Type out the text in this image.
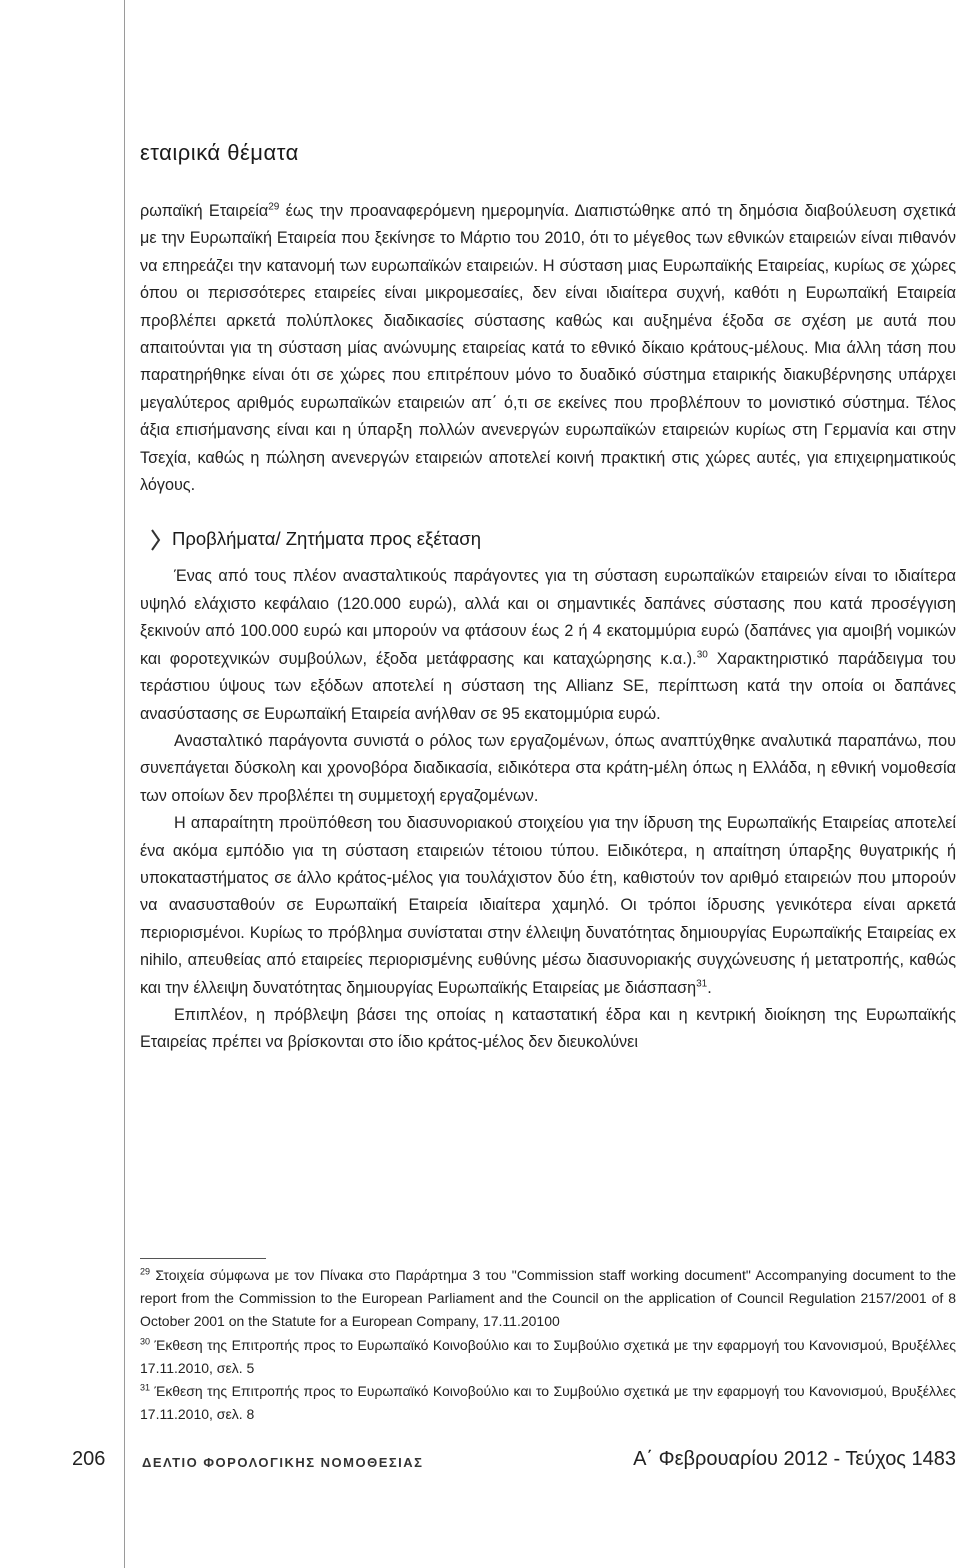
εταιρικά θέματα

ρωπαϊκή Εταιρεία$^{29}$ έως την προαναφερόμενη ημερομηνία. Διαπιστώθηκε από τη δημόσια διαβούλευση σχετικά με την Ευρωπαϊκή Εταιρεία που ξεκίνησε το Μάρτιο του 2010, ότι το μέγεθος των εθνικών εταιρειών είναι πιθανόν να επηρεάζει την κατανομή των ευρωπαϊκών εταιρειών. Η σύσταση μιας Ευρωπαϊκής Εταιρείας, κυρίως σε χώρες όπου οι περισσότερες εταιρείες είναι μικρομεσαίες, δεν είναι ιδιαίτερα συχνή, καθότι η Ευρωπαϊκή Εταιρεία προβλέπει αρκετά πολύπλοκες διαδικασίες σύστασης καθώς και αυξημένα έξοδα σε σχέση με αυτά που απαιτούνται για τη σύσταση μίας ανώνυμης εταιρείας κατά το εθνικό δίκαιο κράτους-μέλους. Μια άλλη τάση που παρατηρήθηκε είναι ότι σε χώρες που επιτρέπουν μόνο το δυαδικό σύστημα εταιρικής διακυβέρνησης υπάρχει μεγαλύτερος αριθμός ευρωπαϊκών εταιρειών απ΄ ό,τι σε εκείνες που προβλέπουν το μονιστικό σύστημα. Τέλος άξια επισήμανσης είναι και η ύπαρξη πολλών ανενεργών ευρωπαϊκών εταιρειών κυρίως στη Γερμανία και στην Τσεχία, καθώς η πώληση ανενεργών εταιρειών αποτελεί κοινή πρακτική στις χώρες αυτές, για επιχειρηματικούς λόγους.

Προβλήματα/ Ζητήματα προς εξέταση

Ένας από τους πλέον ανασταλτικούς παράγοντες για τη σύσταση ευρωπαϊκών εταιρειών είναι το ιδιαίτερα υψηλό ελάχιστο κεφάλαιο (120.000 ευρώ), αλλά και οι σημαντικές δαπάνες σύστασης που κατά προσέγγιση ξεκινούν από 100.000 ευρώ και μπορούν να φτάσουν έως 2 ή 4 εκατομμύρια ευρώ (δαπάνες για αμοιβή νομικών και φοροτεχνικών συμβούλων, έξοδα μετάφρασης και καταχώρησης κ.α.).$^{30}$ Χαρακτηριστικό παράδειγμα του τεράστιου ύψους των εξόδων αποτελεί η σύσταση της Allianz SE, περίπτωση κατά την οποία οι δαπάνες ανασύστασης σε Ευρωπαϊκή Εταιρεία ανήλθαν σε 95 εκατομμύρια ευρώ.

Ανασταλτικό παράγοντα συνιστά ο ρόλος των εργαζομένων, όπως αναπτύχθηκε αναλυτικά παραπάνω, που συνεπάγεται δύσκολη και χρονοβόρα διαδικασία, ειδικότερα στα κράτη-μέλη όπως η Ελλάδα, η εθνική νομοθεσία των οποίων δεν προβλέπει τη συμμετοχή εργαζομένων.

Η απαραίτητη προϋπόθεση του διασυνοριακού στοιχείου για την ίδρυση της Ευρωπαϊκής Εταιρείας αποτελεί ένα ακόμα εμπόδιο για τη σύσταση εταιρειών τέτοιου τύπου. Ειδικότερα, η απαίτηση ύπαρξης θυγατρικής ή υποκαταστήματος σε άλλο κράτος-μέλος για τουλάχιστον δύο έτη, καθιστούν τον αριθμό εταιρειών που μπορούν να ανασυσταθούν σε Ευρωπαϊκή Εταιρεία ιδιαίτερα χαμηλό. Οι τρόποι ίδρυσης γενικότερα είναι αρκετά περιορισμένοι. Κυρίως το πρόβλημα συνίσταται στην έλλειψη δυνατότητας δημιουργίας Ευρωπαϊκής Εταιρείας ex nihilo, απευθείας από εταιρείες περιορισμένης ευθύνης μέσω διασυνοριακής συγχώνευσης ή μετατροπής, καθώς και την έλλειψη δυνατότητας δημιουργίας Ευρωπαϊκής Εταιρείας με διάσπαση$^{31}$.

Επιπλέον, η πρόβλεψη βάσει της οποίας η καταστατική έδρα και η κεντρική διοίκηση της Ευρωπαϊκής Εταιρείας πρέπει να βρίσκονται στο ίδιο κράτος-μέλος δεν διευκολύνει

$^{29}$ Στοιχεία σύμφωνα με τον Πίνακα στο Παράρτημα 3 του "Commission staff working document" Accompanying document to the report from the Commission to the European Parliament and the Council on the application of Council Regulation 2157/2001 of 8 October 2001 on the Statute for a European Company, 17.11.20100

$^{30}$ Έκθεση της Επιτροπής προς το Ευρωπαϊκό Κοινοβούλιο και το Συμβούλιο σχετικά με την εφαρμογή του Κανονισμού, Βρυξέλλες 17.11.2010, σελ. 5

$^{31}$ Έκθεση της Επιτροπής προς το Ευρωπαϊκό Κοινοβούλιο και το Συμβούλιο σχετικά με την εφαρμογή του Κανονισμού, Βρυξέλλες 17.11.2010, σελ. 8

206	ΔΕΛΤΙΟ ΦΟΡΟΛΟΓΙΚΗΣ ΝΟΜΟΘΕΣΙΑΣ	Α΄ Φεβρουαρίου 2012 - Τεύχος 1483
